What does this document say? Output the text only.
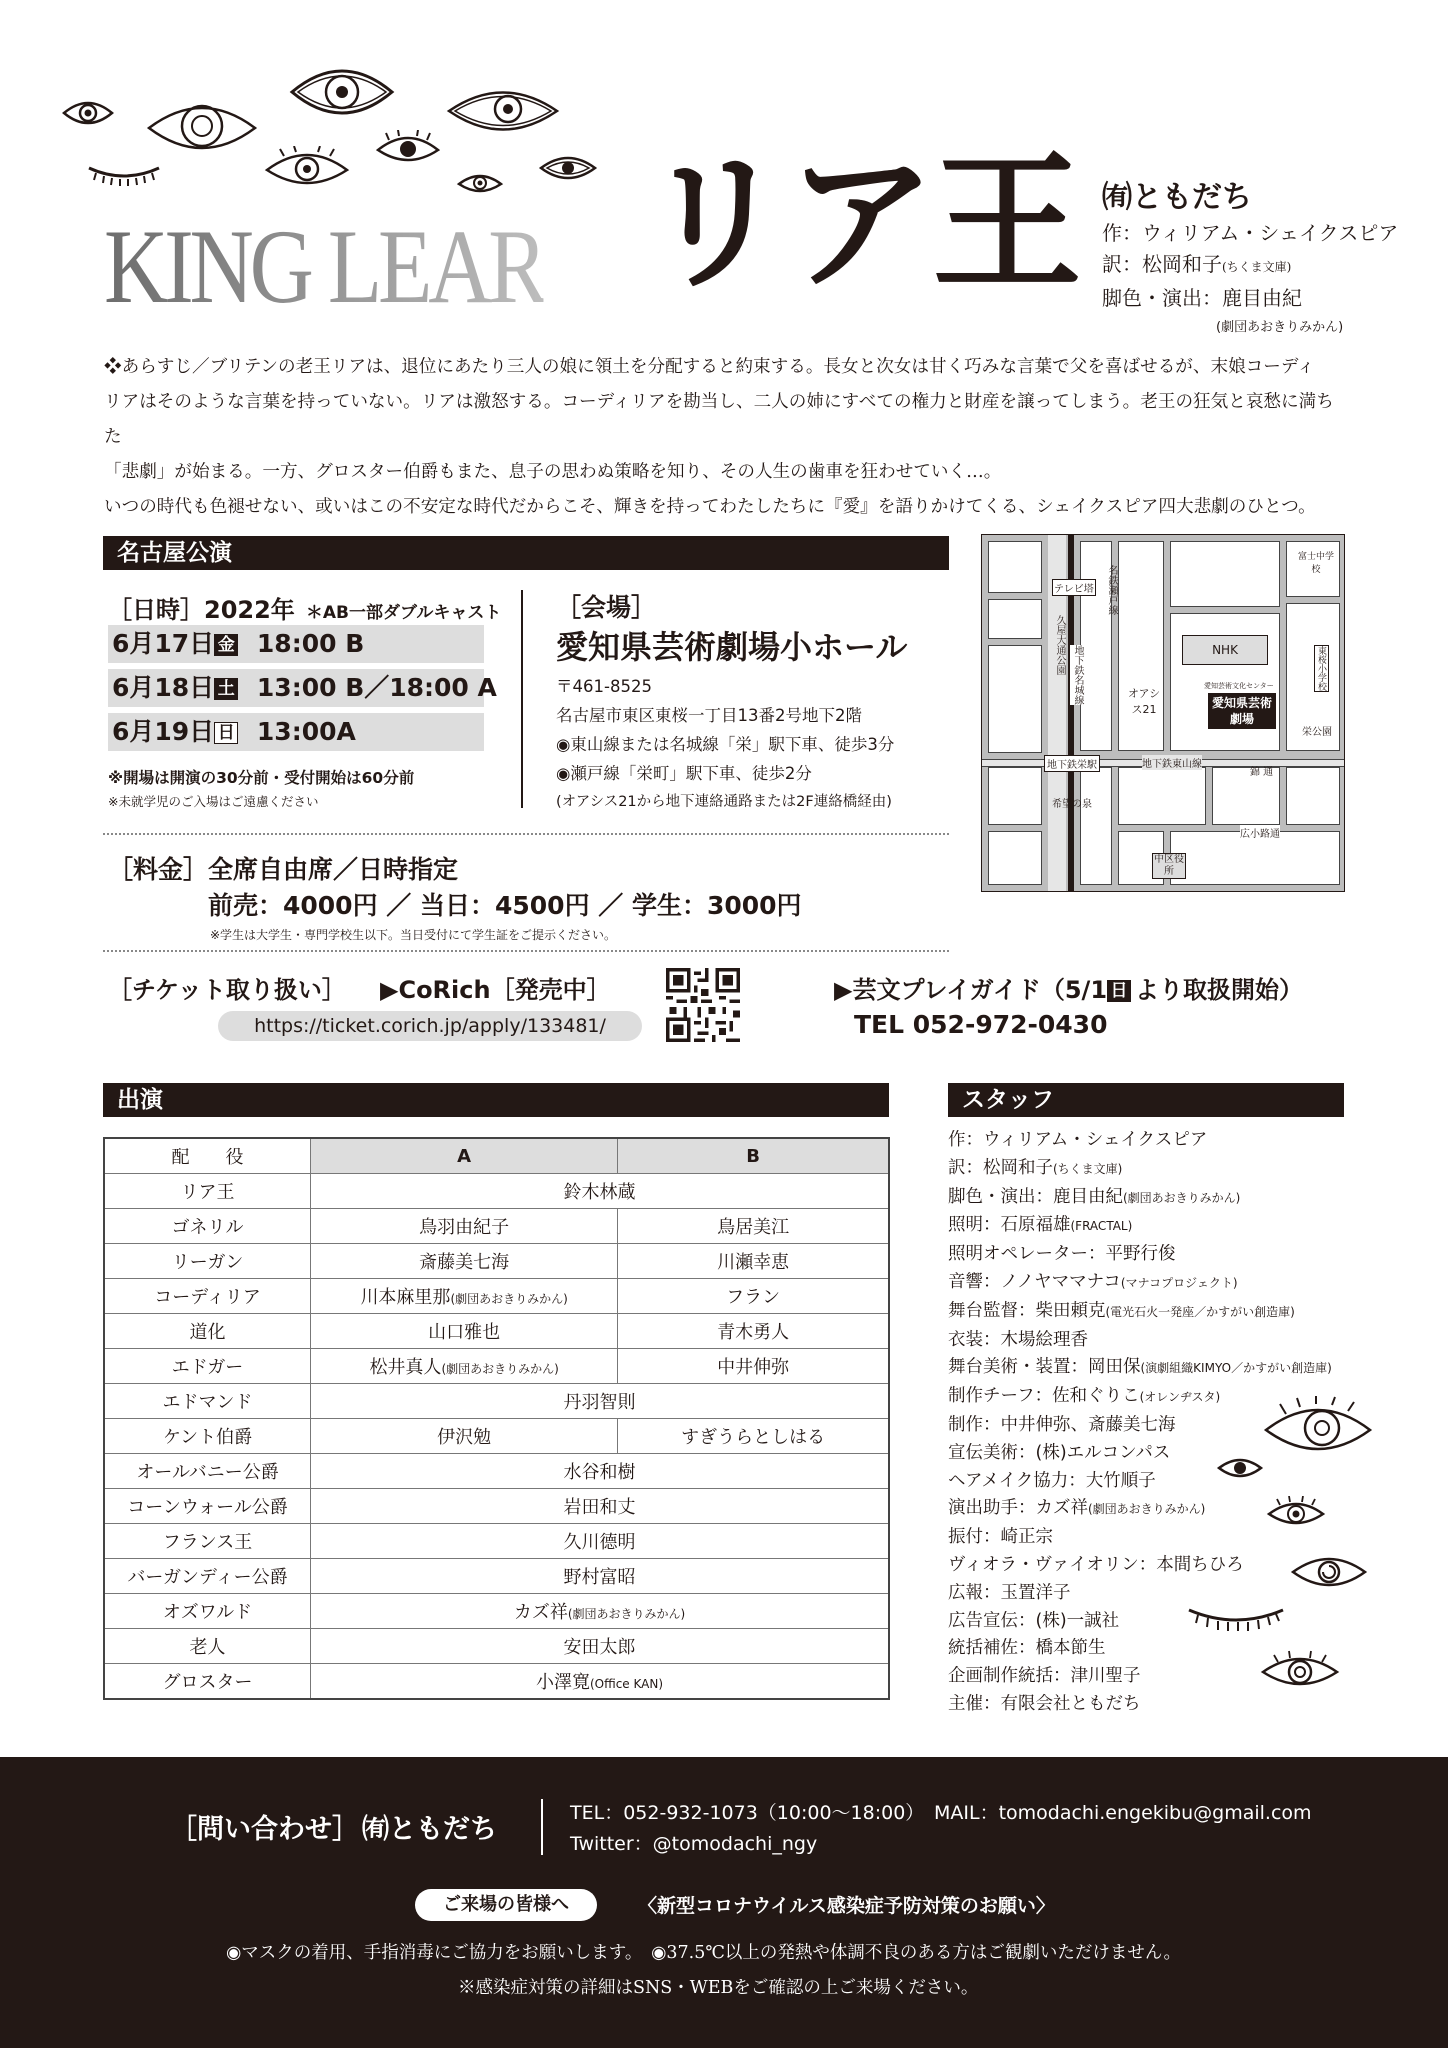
KING LEAR リア王 ㈲ともだち
作：ウィリアム・シェイクスピア
訳：松岡和子(ちくま文庫)
脚色・演出：鹿目由紀
(劇団あおきりみかん)

❖あらすじ／ブリテンの老王リアは、退位にあたり三人の娘に領土を分配すると約束する。長女と次女は甘く巧みな言葉で父を喜ばせるが、末娘コーディ

リアはそのような言葉を持っていない。リアは激怒する。コーディリアを勘当し、二人の姉にすべての権力と財産を譲ってしまう。老王の狂気と哀愁に満ちた

「悲劇」が始まる。一方、グロスター伯爵もまた、息子の思わぬ策略を知り、その人生の歯車を狂わせていく…。

いつの時代も色褪せない、或いはこの不安定な時代だからこそ、輝きを持ってわたしたちに『愛』を語りかけてくる、シェイクスピア四大悲劇のひとつ。

名古屋公演
［日時］2022年 ＊AB一部ダブルキャスト
6月17日 金 18:00 B
6月18日 土 13:00 B／18:00 A
6月19日 日 13:00A
※開場は開演の30分前・受付開始は60分前
※未就学児のご入場はご遠慮ください
［会場］
愛知県芸術劇場小ホール
〒461-8525
名古屋市東区東桜一丁目13番2号地下2階
◉東山線または名城線「栄」駅下車、徒歩3分
◉瀬戸線「栄町」駅下車、徒歩2分
(オアシス21から地下連絡通路または2F連絡橋経由)
テレビ塔 名鉄瀬戸線
久屋大通公園 地下鉄名城線	オアシス21
NHK
愛知芸術文化センター
愛知県芸術劇場
富士中学校
東桜小学校
栄公園
地下鉄栄駅	地下鉄東山線
錦 通
希望の泉
広小路通
中区役所
［料金］ 全席自由席／日時指定
前売：4000円 ／ 当日：4500円 ／ 学生：3000円
※学生は大学生・専門学校生以下。当日受付にて学生証をご提示ください。
［チケット取り扱い］ ▶CoRich［発売中］
https://ticket.corich.jp/apply/133481/
▶芸文プレイガイド（5/1 日 より取扱開始）
TEL 052-972-0430
出演
配　　役	A	B
リア王	鈴木林蔵	
ゴネリル	鳥羽由紀子	鳥居美江
リーガン	斎藤美七海	川瀬幸恵
コーディリア	川本麻里那(劇団あおきりみかん)	フラン
道化	山口雅也	青木勇人
エドガー	松井真人(劇団あおきりみかん)	中井伸弥
エドマンド	丹羽智則	
ケント伯爵	伊沢勉	すぎうらとしはる
オールバニー公爵	水谷和樹	
コーンウォール公爵	岩田和丈	
フランス王	久川德明	
バーガンディー公爵	野村富昭	
オズワルド	カズ祥(劇団あおきりみかん)	
老人	安田太郎	
グロスター	小澤寛(Office KAN)	
スタッフ
作：ウィリアム・シェイクスピア
訳：松岡和子(ちくま文庫)
脚色・演出：鹿目由紀(劇団あおきりみかん)
照明：石原福雄(FRACTAL)
照明オペレーター：平野行俊
音響：ノノヤママナコ(マナコプロジェクト)
舞台監督：柴田頼克(電光石火一発座／かすがい創造庫)
衣装：木場絵理香
舞台美術・装置：岡田保(演劇組織KIMYO／かすがい創造庫)
制作チーフ：佐和ぐりこ(オレンヂスタ)
制作：中井伸弥、斎藤美七海
宣伝美術：(株)エルコンパス
ヘアメイク協力：大竹順子
演出助手：カズ祥(劇団あおきりみかん)
振付：崎正宗
ヴィオラ・ヴァイオリン：本間ちひろ
広報：玉置洋子
広告宣伝：(株)一誠社
統括補佐：橋本節生
企画制作統括：津川聖子
主催：有限会社ともだち
［問い合わせ］ ㈲ともだち
TEL：052-932-1073（10:00〜18:00） MAIL：tomodachi.engekibu@gmail.com
Twitter：@tomodachi_ngy
ご来場の皆様へ	〈新型コロナウイルス感染症予防対策のお願い〉
◉マスクの着用、手指消毒にご協力をお願いします。　◉37.5℃以上の発熱や体調不良のある方はご観劇いただけません。
※感染症対策の詳細はSNS・WEBをご確認の上ご来場ください。
